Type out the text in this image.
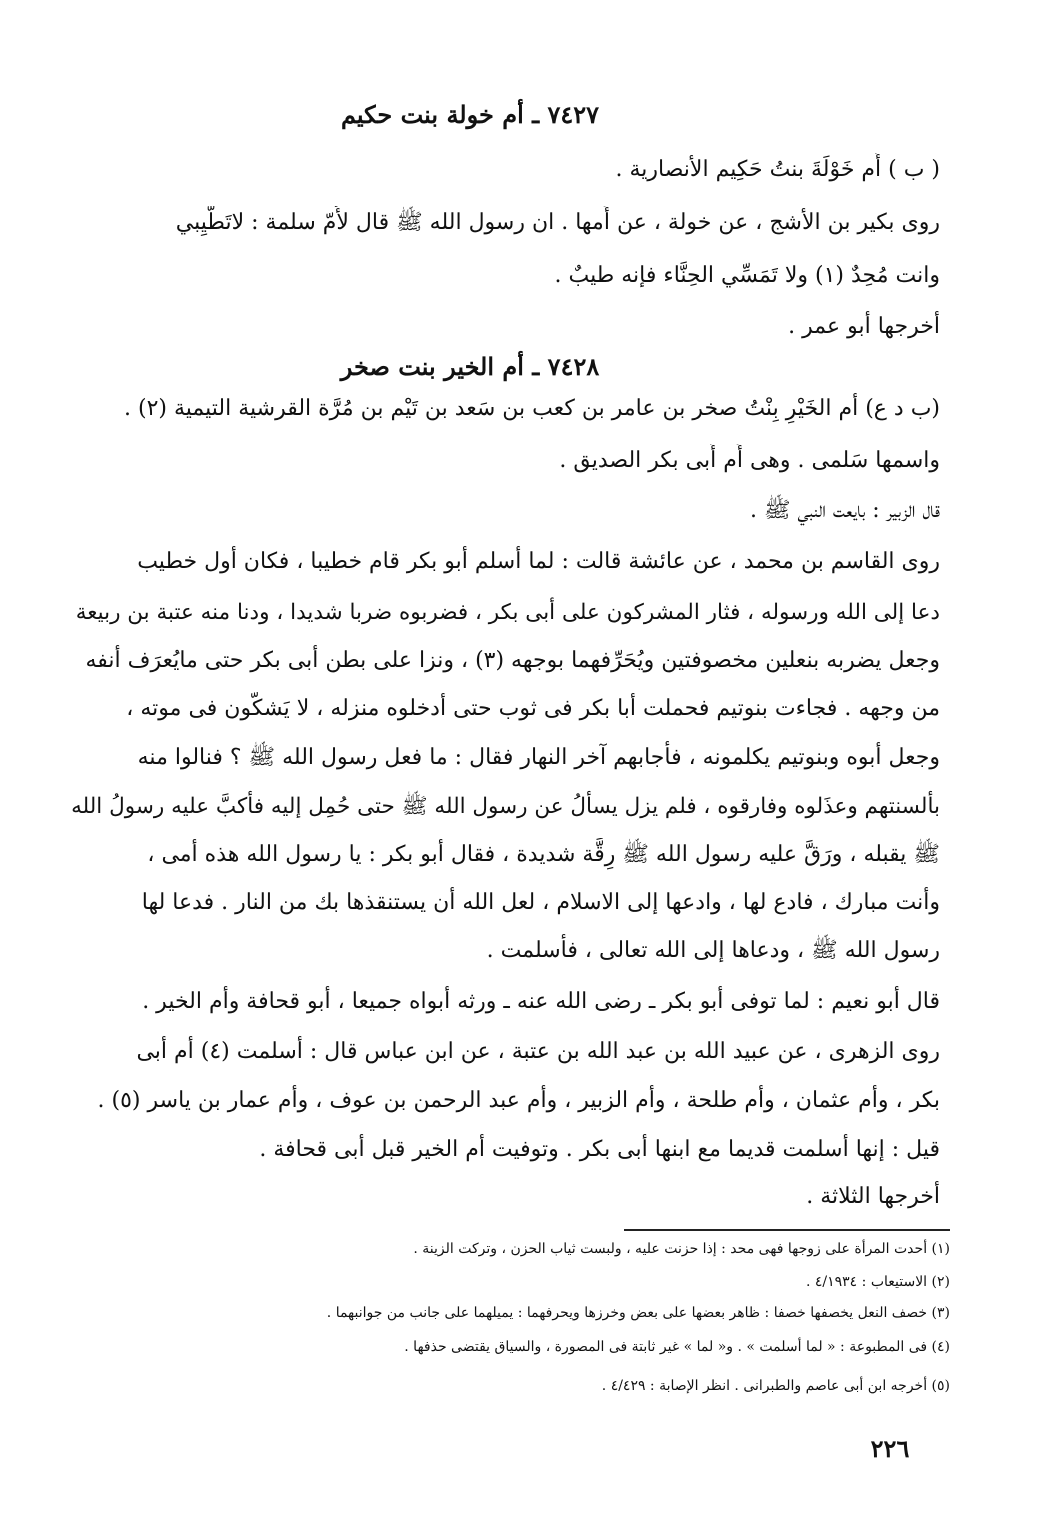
٧٤٢٧ ـ أم خولة بنت حكيم
( ب ) أُم خَوْلَةَ بنتُ حَكِيم الأنصارية .
روى بكير بن الأشج ، عن خولة ، عن أُمها . ان رسول الله ﷺ قال لأُمّ سلمة : لاتَطَّيِبي
وانت مُحِدٌ (١) ولا تَمَسِّي الحِنَّاء فإنه طيبٌ .
أخرجها أبو عمر .
٧٤٢٨ ـ أم الخير بنت صخر
(ب د ع) أم الخَيْرِ بِنْتُ صخر بن عامر بن كعب بن سَعد بن تَيْم بن مُرَّة القرشية التيمية (٢) .
واسمها سَلمى . وهى أُم أَبى بكر الصديق .
قال الزبير : بايعت النبي ﷺ .
روى القاسم بن محمد ، عن عائشة قالت : لما أسلم أبو بكر قام خطيبا ، فكان أول خطيب
دعا إلى الله ورسوله ، فثار المشركون على أبى بكر ، فضربوه ضربا شديدا ، ودنا منه عتبة بن ربيعة
وجعل يضربه بنعلين مخصوفتين ويُحَرِّفهما بوجهه (٣) ، ونزا على بطن أبى بكر حتى مايُعرَف أنفه
من وجهه . فجاءت بنوتيم فحملت أبا بكر فى ثوب حتى أدخلوه منزله ، لا يَشكُّون فى موته ،
وجعل أبوه وبنوتيم يكلمونه ، فأجابهم آخر النهار فقال : ما فعل رسول الله ﷺ ؟ فنالوا منه
بألسنتهم وعذَلوه وفارقوه ، فلم يزل يسألُ عن رسول الله ﷺ حتى حُمِل إليه فأكبَّ عليه رسولُ الله
ﷺ يقبله ، ورَقَّ عليه رسول الله ﷺ رِقَّة شديدة ، فقال أبو بكر : يا رسول الله هذه أمى ،
وأنت مبارك ، فادع لها ، وادعها إلى الاسلام ، لعل الله أن يستنقذها بك من النار . فدعا لها
رسول الله ﷺ ، ودعاها إلى الله تعالى ، فأسلمت .
قال أبو نعيم : لما توفى أبو بكر ـ رضى الله عنه ـ ورثه أبواه جميعا ، أبو قحافة وأم الخير .
روى الزهرى ، عن عبيد الله بن عبد الله بن عتبة ، عن ابن عباس قال : أسلمت (٤) أم أبى
بكر ، وأم عثمان ، وأم طلحة ، وأم الزبير ، وأم عبد الرحمن بن عوف ، وأم عمار بن ياسر (٥) .
قيل : إنها أسلمت قديما مع ابنها أبى بكر . وتوفيت أم الخير قبل أبى قحافة .
أخرجها الثلاثة .
(١) أحدت المرأة على زوجها فهى محد : إذا حزنت عليه ، ولبست ثياب الحزن ، وتركت الزينة .
(٢) الاستيعاب : ٤/١٩٣٤ .
(٣) خصف النعل يخصفها خصفا : ظاهر بعضها على بعض وخرزها ويحرفهما : يميلهما على جانب من جوانبهما .
(٤) فى المطبوعة : « لما أسلمت » . و« لما » غير ثابتة فى المصورة ، والسياق يقتضى حذفها .
(٥) أخرجه ابن أبى عاصم والطبرانى . انظر الإصابة : ٤/٤٢٩ .
٢٢٦
